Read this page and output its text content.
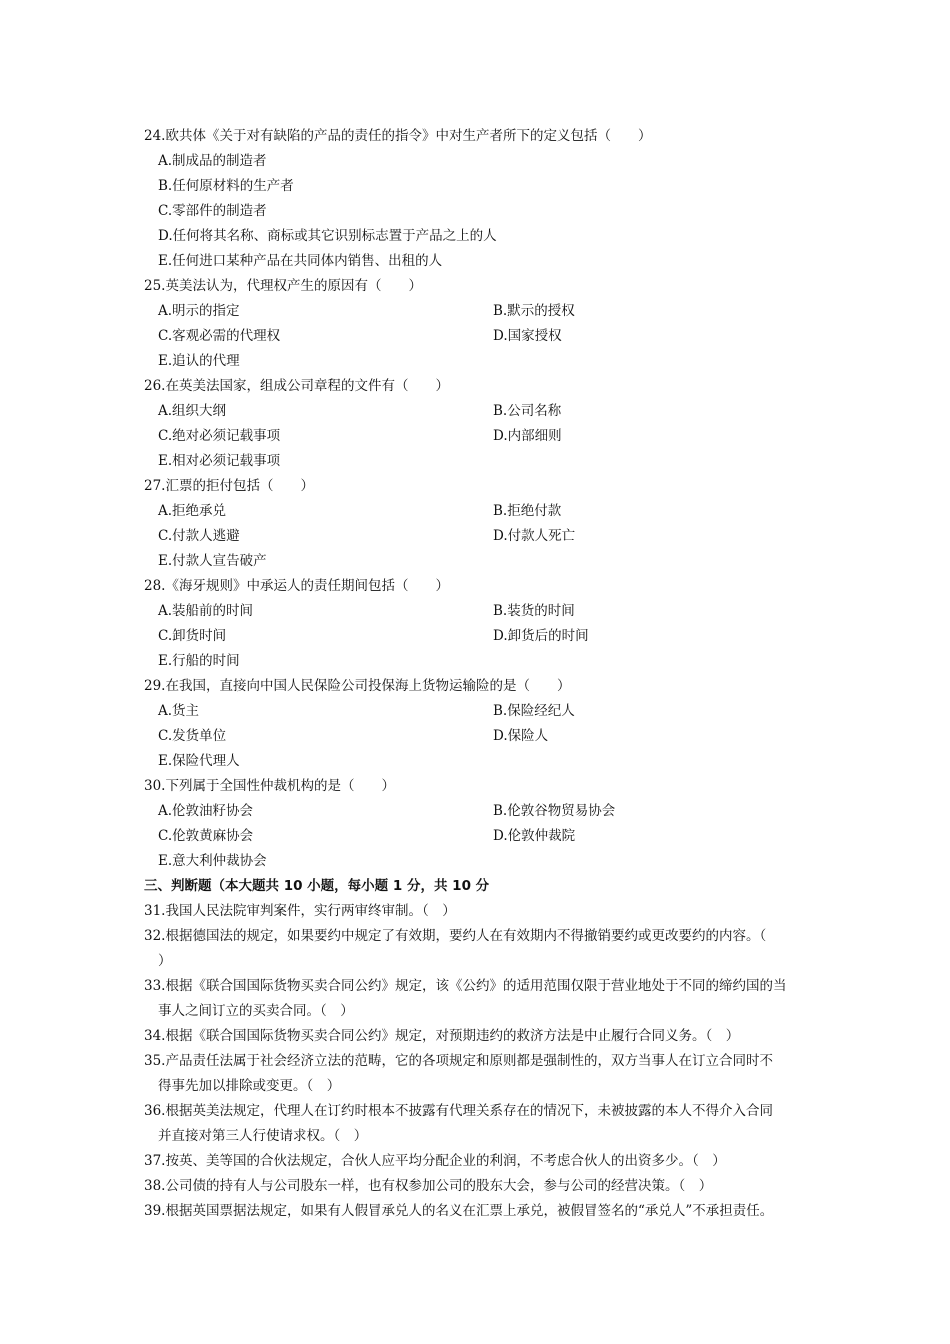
24.欧共体《关于对有缺陷的产品的责任的指令》中对生产者所下的定义包括（　　）
A.制成品的制造者
B.任何原材料的生产者
C.零部件的制造者
D.任何将其名称、商标或其它识别标志置于产品之上的人
E.任何进口某种产品在共同体内销售、出租的人
25.英美法认为，代理权产生的原因有（　　）
A.明示的指定	B.默示的授权
C.客观必需的代理权	D.国家授权
E.追认的代理
26.在英美法国家，组成公司章程的文件有（　　）
A.组织大纲	B.公司名称
C.绝对必须记载事项	D.内部细则
E.相对必须记载事项
27.汇票的拒付包括（　　）
A.拒绝承兑	B.拒绝付款
C.付款人逃避	D.付款人死亡
E.付款人宣告破产
28.《海牙规则》中承运人的责任期间包括（　　）
A.装船前的时间	B.装货的时间
C.卸货时间	D.卸货后的时间
E.行船的时间
29.在我国，直接向中国人民保险公司投保海上货物运输险的是（　　）
A.货主	B.保险经纪人
C.发货单位	D.保险人
E.保险代理人
30.下列属于全国性仲裁机构的是（　　）
A.伦敦油籽协会	B.伦敦谷物贸易协会
C.伦敦黄麻协会	D.伦敦仲裁院
E.意大利仲裁协会
三、判断题（本大题共 10 小题，每小题 1 分，共 10 分
31.我国人民法院审判案件，实行两审终审制。（　）
32.根据德国法的规定，如果要约中规定了有效期，要约人在有效期内不得撤销要约或更改要约的内容。（
）
33.根据《联合国国际货物买卖合同公约》规定，该《公约》的适用范围仅限于营业地处于不同的缔约国的当
事人之间订立的买卖合同。（　）
34.根据《联合国国际货物买卖合同公约》规定，对预期违约的救济方法是中止履行合同义务。（　）
35.产品责任法属于社会经济立法的范畴，它的各项规定和原则都是强制性的，双方当事人在订立合同时不
得事先加以排除或变更。（　）
36.根据英美法规定，代理人在订约时根本不披露有代理关系存在的情况下，未被披露的本人不得介入合同
并直接对第三人行使请求权。（　）
37.按英、美等国的合伙法规定，合伙人应平均分配企业的利润，不考虑合伙人的出资多少。（　）
38.公司债的持有人与公司股东一样，也有权参加公司的股东大会，参与公司的经营决策。（　）
39.根据英国票据法规定，如果有人假冒承兑人的名义在汇票上承兑，被假冒签名的“承兑人”不承担责任。
